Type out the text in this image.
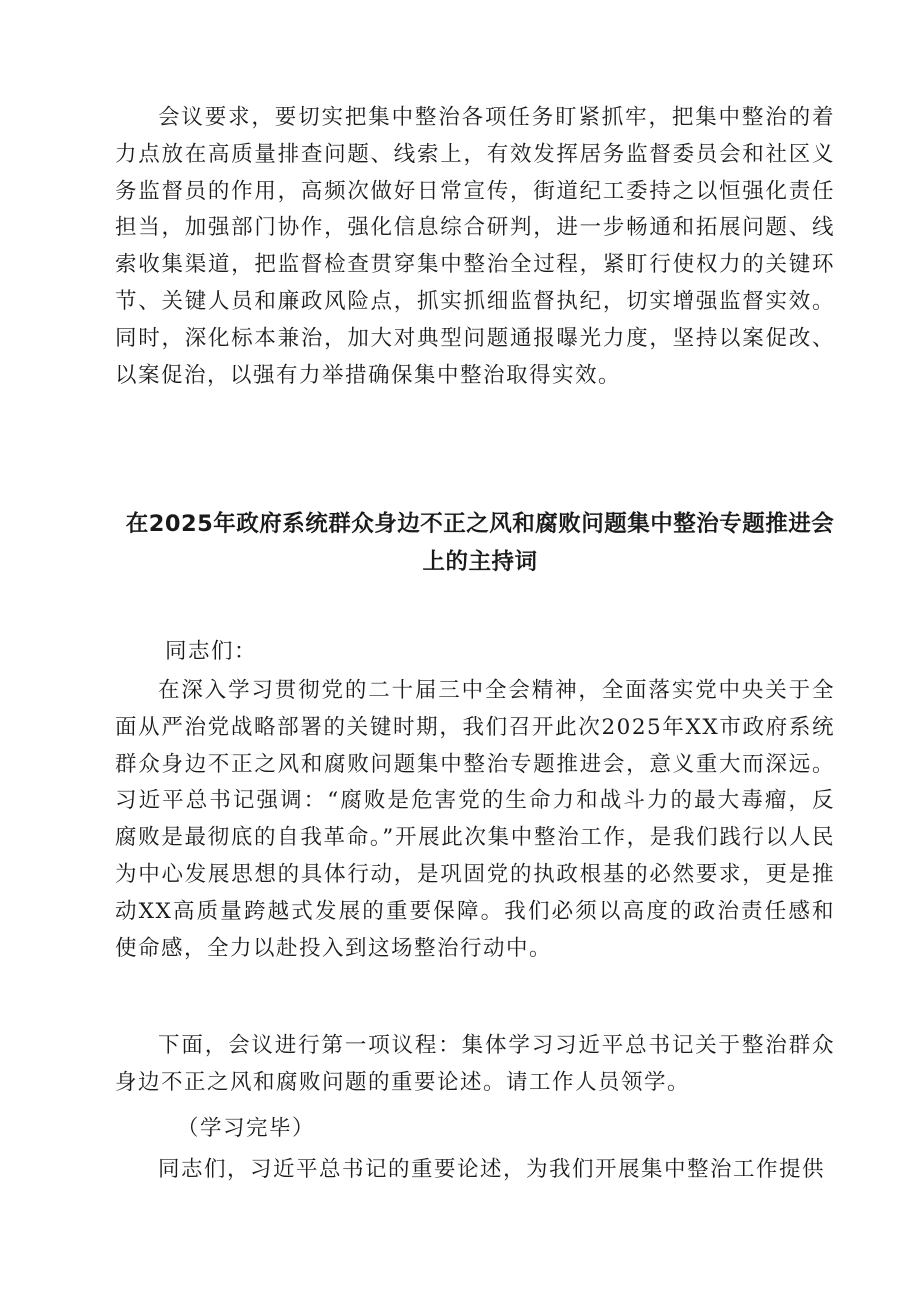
会议要求，要切实把集中整治各项任务盯紧抓牢，把集中整治的着力点放在高质量排查问题、线索上，有效发挥居务监督委员会和社区义务监督员的作用，高频次做好日常宣传，街道纪工委持之以恒强化责任担当，加强部门协作，强化信息综合研判，进一步畅通和拓展问题、线索收集渠道，把监督检查贯穿集中整治全过程，紧盯行使权力的关键环节、关键人员和廉政风险点，抓实抓细监督执纪，切实增强监督实效。同时，深化标本兼治，加大对典型问题通报曝光力度，坚持以案促改、以案促治，以强有力举措确保集中整治取得实效。

在2025年政府系统群众身边不正之风和腐败问题集中整治专题推进会上的主持词

同志们：

在深入学习贯彻党的二十届三中全会精神，全面落实党中央关于全面从严治党战略部署的关键时期，我们召开此次2025年XX市政府系统群众身边不正之风和腐败问题集中整治专题推进会，意义重大而深远。习近平总书记强调：“腐败是危害党的生命力和战斗力的最大毒瘤，反腐败是最彻底的自我革命。”开展此次集中整治工作，是我们践行以人民为中心发展思想的具体行动，是巩固党的执政根基的必然要求，更是推动XX高质量跨越式发展的重要保障。我们必须以高度的政治责任感和使命感，全力以赴投入到这场整治行动中。

下面，会议进行第一项议程：集体学习习近平总书记关于整治群众身边不正之风和腐败问题的重要论述。请工作人员领学。

（学习完毕）

同志们，习近平总书记的重要论述，为我们开展集中整治工作提供
